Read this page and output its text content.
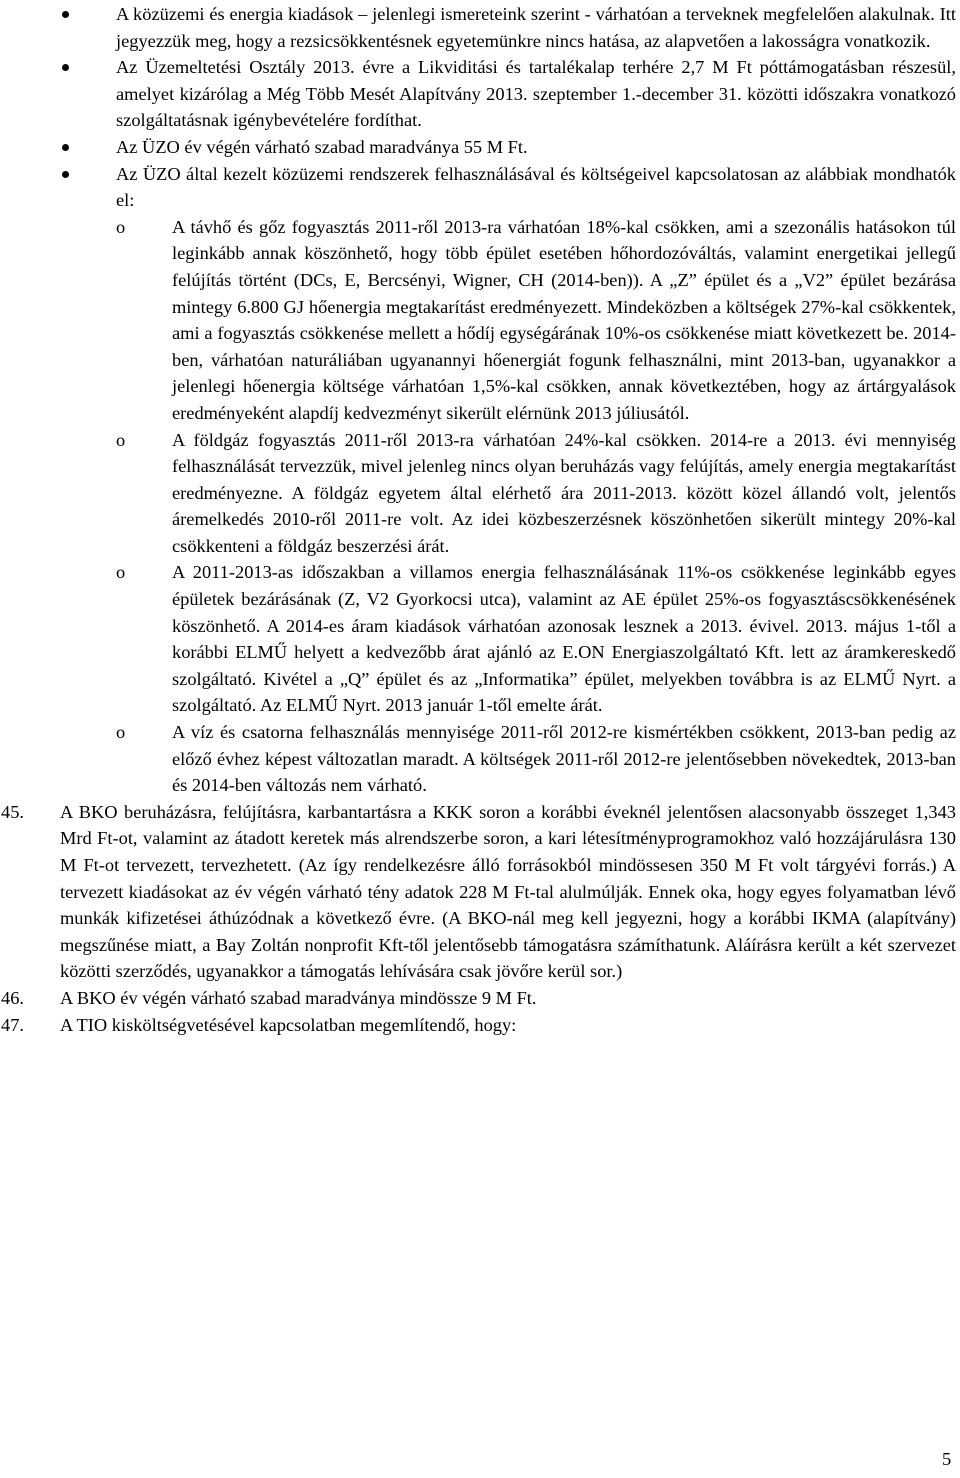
A közüzemi és energia kiadások – jelenlegi ismereteink szerint - várhatóan a terveknek megfelelően alakulnak. Itt jegyezzük meg, hogy a rezsicsökkentésnek egyetemünkre nincs hatása, az alapvetően a lakosságra vonatkozik.
Az Üzemeltetési Osztály 2013. évre a Likviditási és tartalékalap terhére 2,7 M Ft póttámogatásban részesül, amelyet kizárólag a Még Több Mesét Alapítvány 2013. szeptember 1.-december 31. közötti időszakra vonatkozó szolgáltatásnak igénybevételére fordíthat.
Az ÜZO év végén várható szabad maradványa 55 M Ft.
Az ÜZO által kezelt közüzemi rendszerek felhasználásával és költségeivel kapcsolatosan az alábbiak mondhatók el:
o	A távhő és gőz fogyasztás 2011-ről 2013-ra várhatóan 18%-kal csökken, ami a szezonális hatásokon túl leginkább annak köszönhető, hogy több épület esetében hőhordozóváltás, valamint energetikai jellegű felújítás történt (DCs, E, Bercsényi, Wigner, CH (2014-ben)). A „Z” épület és a „V2” épület bezárása mintegy 6.800 GJ hőenergia megtakarítást eredményezett. Mindeközben a költségek 27%-kal csökkentek, ami a fogyasztás csökkenése mellett a hődíj egységárának 10%-os csökkenése miatt következett be. 2014-ben, várhatóan naturáliában ugyanannyi hőenergiát fogunk felhasználni, mint 2013-ban, ugyanakkor a jelenlegi hőenergia költsége várhatóan 1,5%-kal csökken, annak következtében, hogy az ártárgyalások eredményeként alapdíj kedvezményt sikerült elérnünk 2013 júliusától.
o	A földgáz fogyasztás 2011-ről 2013-ra várhatóan 24%-kal csökken. 2014-re a 2013. évi mennyiség felhasználását tervezzük, mivel jelenleg nincs olyan beruházás vagy felújítás, amely energia megtakarítást eredményezne. A földgáz egyetem által elérhető ára 2011-2013. között közel állandó volt, jelentős áremelkedés 2010-ről 2011-re volt. Az idei közbeszerzésnek köszönhetően sikerült mintegy 20%-kal csökkenteni a földgáz beszerzési árát.
o	A 2011-2013-as időszakban a villamos energia felhasználásának 11%-os csökkenése leginkább egyes épületek bezárásának (Z, V2 Gyorkocsi utca), valamint az AE épület 25%-os fogyasztáscsökkenésének köszönhető. A 2014-es áram kiadások várhatóan azonosak lesznek a 2013. évivel. 2013. május 1-től a korábbi ELMŰ helyett a kedvezőbb árat ajánló az E.ON Energiaszolgáltató Kft. lett az áramkereskedő szolgáltató. Kivétel a „Q” épület és az „Informatika” épület, melyekben továbbra is az ELMŰ Nyrt. a szolgáltató. Az ELMŰ Nyrt. 2013 január 1-től emelte árát.
o	A víz és csatorna felhasználás mennyisége 2011-ről 2012-re kismértékben csökkent, 2013-ban pedig az előző évhez képest változatlan maradt. A költségek 2011-ről 2012-re jelentősebben növekedtek, 2013-ban és 2014-ben változás nem várható.
45. A BKO beruházásra, felújításra, karbantartásra a KKK soron a korábbi éveknél jelentősen alacsonyabb összeget 1,343 Mrd Ft-ot, valamint az átadott keretek más alrendszerbe soron, a kari létesítményprogramokhoz való hozzájárulásra 130 M Ft-ot tervezett, tervezhetett. (Az így rendelkezésre álló forrásokból mindössesen 350 M Ft volt tárgyévi forrás.) A tervezett kiadásokat az év végén várható tény adatok 228 M Ft-tal alulmúlják. Ennek oka, hogy egyes folyamatban lévő munkák kifizetései áthúzódnak a következő évre. (A BKO-nál meg kell jegyezni, hogy a korábbi IKMA (alapítvány) megszűnése miatt, a Bay Zoltán nonprofit Kft-től jelentősebb támogatásra számíthatunk. Aláírásra került a két szervezet közötti szerződés, ugyanakkor a támogatás lehívására csak jövőre kerül sor.)
46. A BKO év végén várható szabad maradványa mindössze 9 M Ft.
47. A TIO kisköltségvetésével kapcsolatban megemlítendő, hogy:
5
